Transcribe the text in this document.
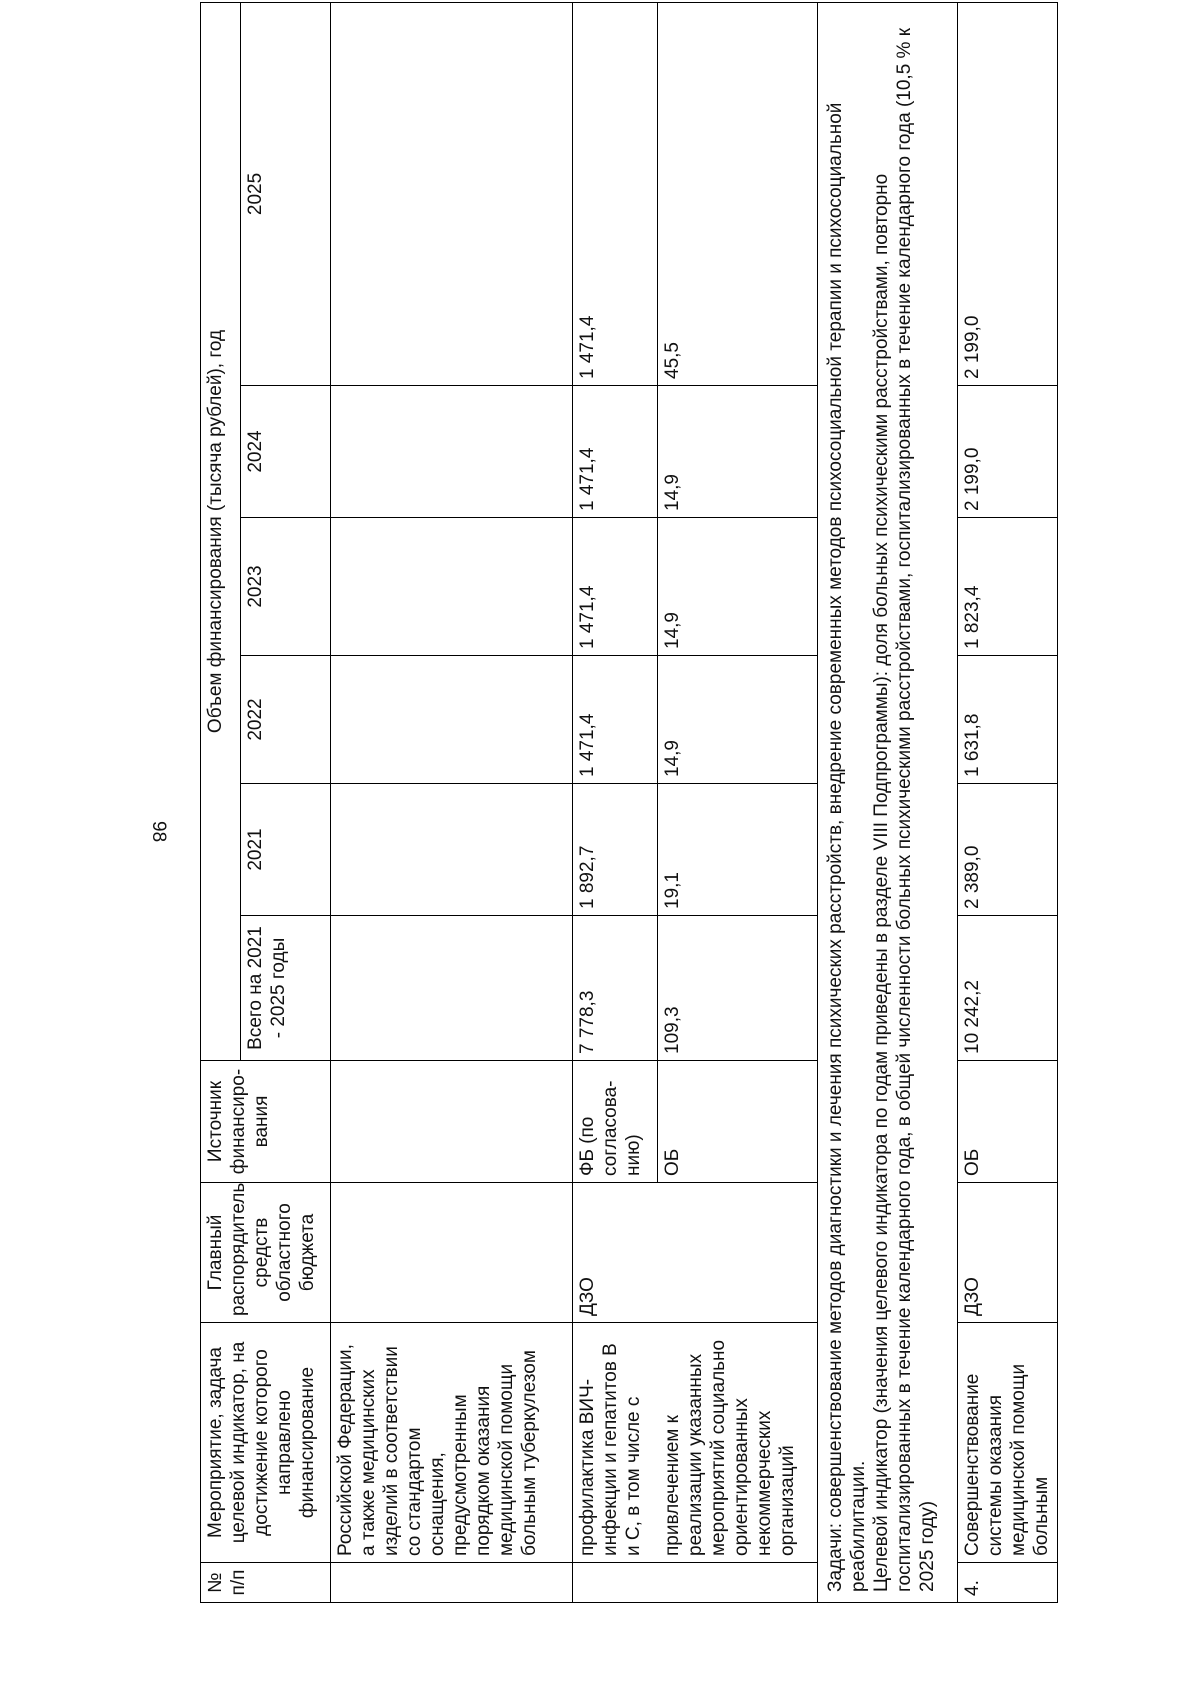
98
№ п/п	Мероприятие, задача целевой индикатор, на достижение которого направлено финансирование	Главный распорядитель средств областного бюджета	Источник финансиро-вания	Объем финансирования (тысяча рублей), год					
				Всего на 2021 - 2025 годы	2021	2022	2023	2024	2025
	Российской Федерации, а также медицинских изделий в соответствии со стандартом оснащения, предусмотренным порядком оказания медицинской помощи больным туберкулезом								
	профилактика ВИЧ-инфекции и гепатитов В и С, в том числе с	ДЗО	ФБ (по согласова-нию)	7 778,3	1 892,7	1 471,4	1 471,4	1 471,4	1 471,4
	привлечением к реализации указанных мероприятий социально ориентированных некоммерческих организаций		ОБ	109,3	19,1	14,9	14,9	14,9	45,5

Задачи: совершенствование методов диагностики и лечения психических расстройств, внедрение современных методов психосоциальной терапии и психосоциальной реабилитации. Целевой индикатор (значения целевого индикатора по годам приведены в разделе VIII Подпрограммы): доля больных психическими расстройствами, повторно госпитализированных в течение календарного года, в общей численности больных психическими расстройствами, госпитализированных в течение календарного года (10,5 % к 2025 году)									

4.	Совершенствование системы оказания медицинской помощи больным	ДЗО	ОБ	10 242,2	2 389,0	1 631,8	1 823,4	2 199,0	2 199,0
